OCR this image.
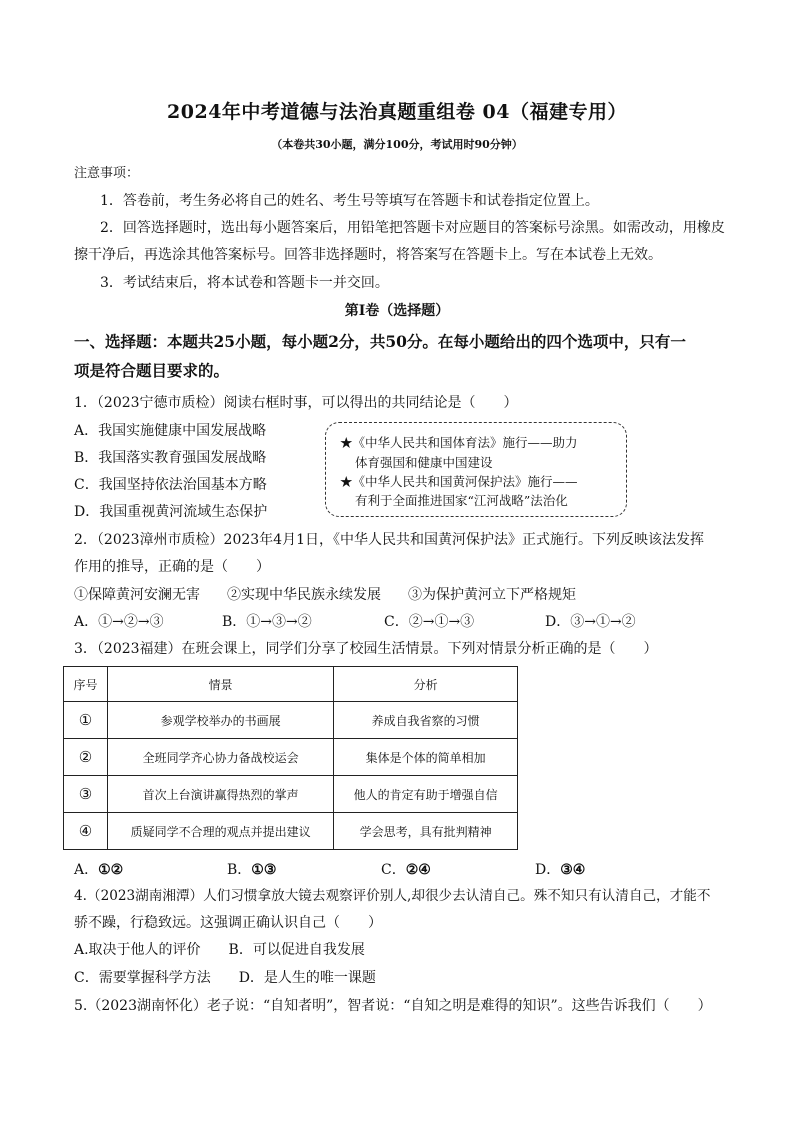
2024年中考道德与法治真题重组卷 04（福建专用）
（本卷共30小题，满分100分，考试用时90分钟）
注意事项：
1．答卷前，考生务必将自己的姓名、考生号等填写在答题卡和试卷指定位置上。
2．回答选择题时，选出每小题答案后，用铅笔把答题卡对应题目的答案标号涂黑。如需改动，用橡皮
擦干净后，再选涂其他答案标号。回答非选择题时，将答案写在答题卡上。写在本试卷上无效。
3．考试结束后，将本试卷和答题卡一并交回。
第Ⅰ卷（选择题）
一、选择题：本题共25小题，每小题2分，共50分。在每小题给出的四个选项中，只有一
项是符合题目要求的。
1．（2023宁德市质检）阅读右框时事，可以得出的共同结论是（　　）
A．我国实施健康中国发展战略
B．我国落实教育强国发展战略
C．我国坚持依法治国基本方略
D．我国重视黄河流域生态保护
★《中华人民共和国体育法》施行——助力
体育强国和健康中国建设
★《中华人民共和国黄河保护法》施行——
有利于全面推进国家“江河战略”法治化
2．（2023漳州市质检）2023年4月1日，《中华人民共和国黄河保护法》正式施行。下列反映该法发挥
作用的推导，正确的是（　　）
①保障黄河安澜无害 ②实现中华民族永续发展 ③为保护黄河立下严格规矩
A．①→②→③	B．①→③→②	C．②→①→③	D．③→①→②
3．（2023福建）在班会课上，同学们分享了校园生活情景。下列对情景分析正确的是（　　）
序号	情景	分析
①	参观学校举办的书画展	养成自我省察的习惯
②	全班同学齐心协力备战校运会	集体是个体的简单相加
③	首次上台演讲赢得热烈的掌声	他人的肯定有助于增强自信
④	质疑同学不合理的观点并提出建议	学会思考，具有批判精神
A．①②	B．①③	C．②④	D．③④
4.（2023湖南湘潭）人们习惯拿放大镜去观察评价别人,却很少去认清自己。殊不知只有认清自己，才能不
骄不躁，行稳致远。这强调正确认识自己（　　）
A.取决于他人的评价　　B．可以促进自我发展
C．需要掌握科学方法　　D．是人生的唯一课题
5.（2023湖南怀化）老子说：“自知者明”，智者说：“自知之明是难得的知识”。这些告诉我们（　　）
